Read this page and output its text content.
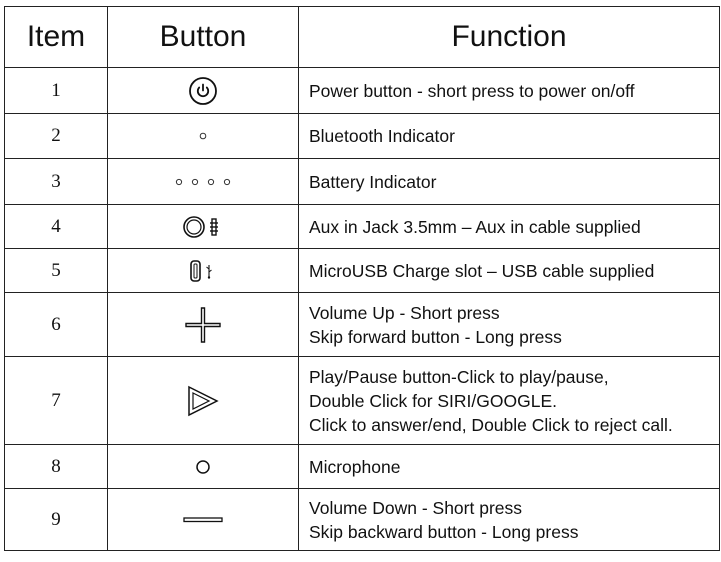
Item	Button	Function
1		Power button - short press to power on/off

2		Bluetooth Indicator

3		Battery Indicator

4		Aux in Jack 3.5mm – Aux in cable supplied

5		MicroUSB Charge slot – USB cable supplied

6		Volume Up - Short press
Skip forward button - Long press

7		Play/Pause button-Click to play/pause,
Double Click for SIRI/GOOGLE.
Click to answer/end, Double Click to reject call.

8		Microphone

9		Volume Down - Short press
Skip backward button - Long press
